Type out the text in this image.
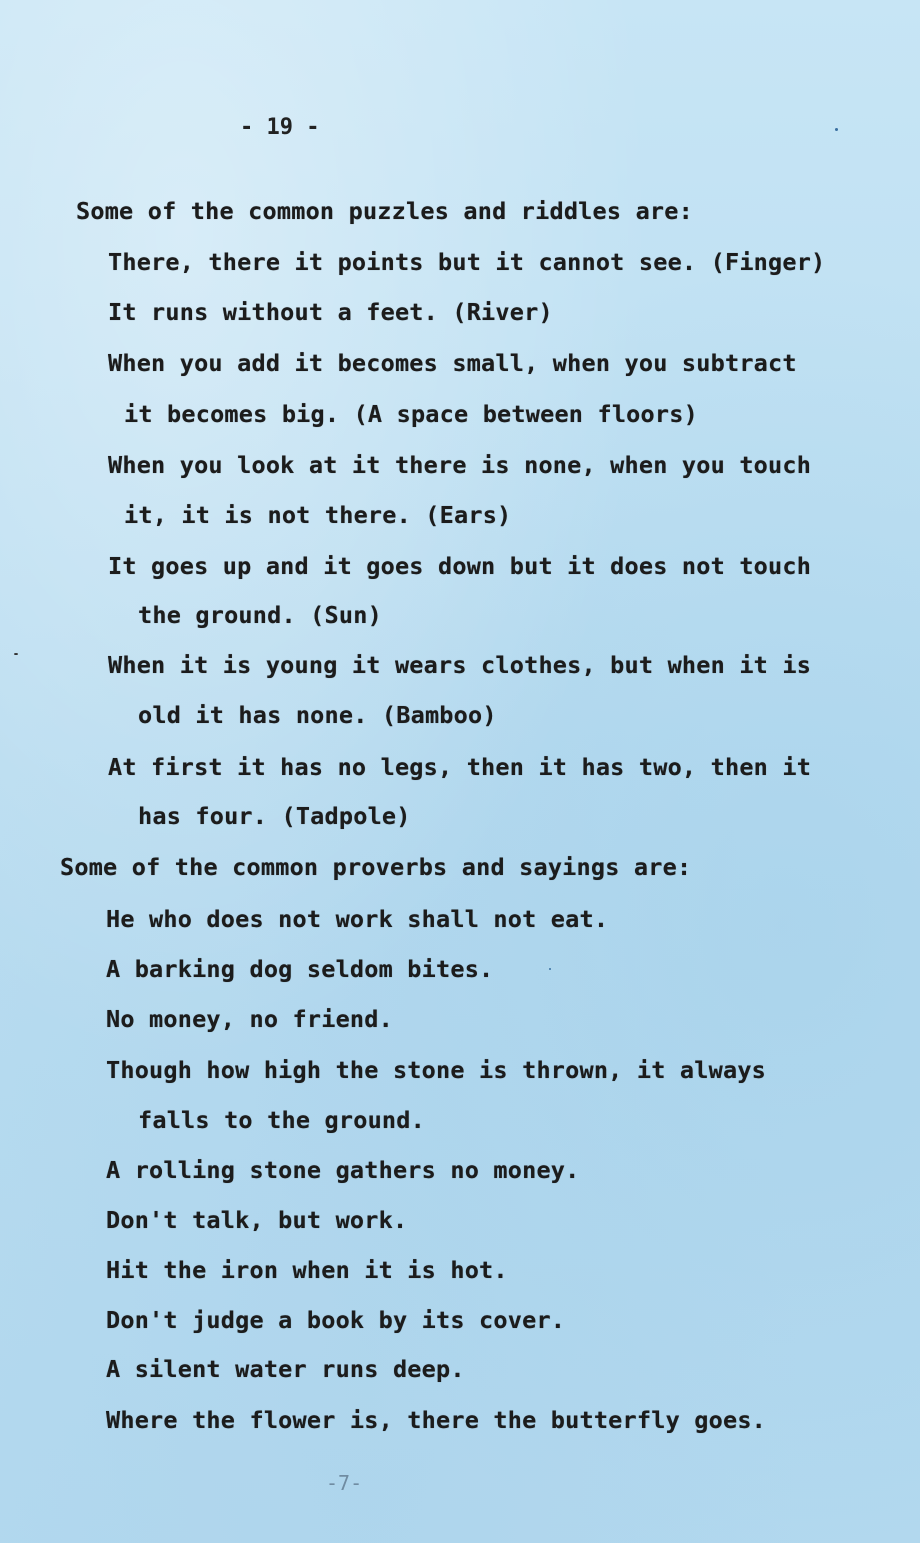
- 19 -
Some of the common puzzles and riddles are:
There, there it points but it cannot see. (Finger)
It runs without a feet. (River)
When you add it becomes small, when you subtract
it becomes big. (A space between floors)
When you look at it there is none, when you touch
it, it is not there. (Ears)
It goes up and it goes down but it does not touch
the ground. (Sun)
When it is young it wears clothes, but when it is
old it has none. (Bamboo)
At first it has no legs, then it has two, then it
has four. (Tadpole)
Some of the common proverbs and sayings are:
He who does not work shall not eat.
A barking dog seldom bites.
No money, no friend.
Though how high the stone is thrown, it always
falls to the ground.
A rolling stone gathers no money.
Don't talk, but work.
Hit the iron when it is hot.
Don't judge a book by its cover.
A silent water runs deep.
Where the flower is, there the butterfly goes.
-7-
